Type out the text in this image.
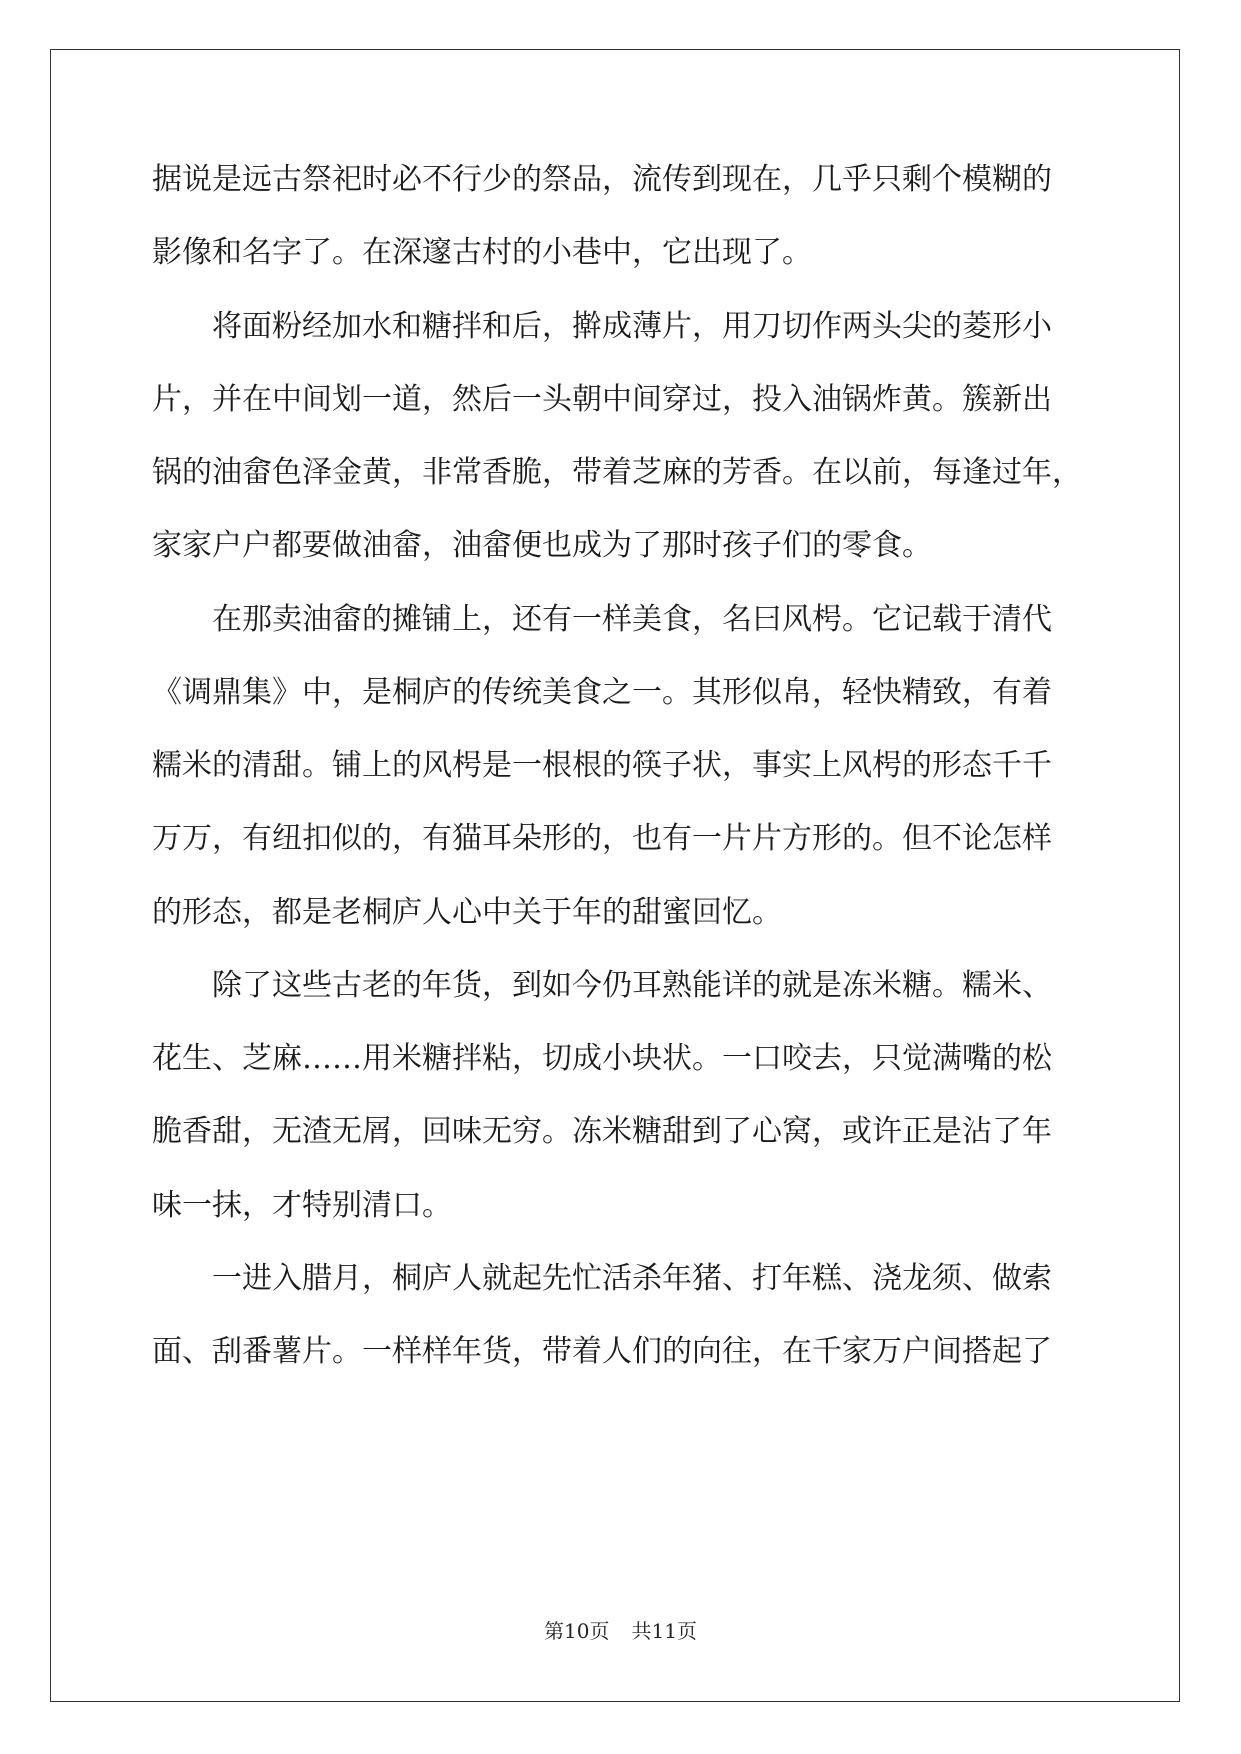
据说是远古祭祀时必不行少的祭品，流传到现在，几乎只剩个模糊的
影像和名字了。在深邃古村的小巷中，它出现了。
　　将面粉经加水和糖拌和后，擀成薄片，用刀切作两头尖的菱形小
片，并在中间划一道，然后一头朝中间穿过，投入油锅炸黄。簇新出
锅的油畲色泽金黄，非常香脆，带着芝麻的芳香。在以前，每逢过年，
家家户户都要做油畲，油畲便也成为了那时孩子们的零食。
　　在那卖油畲的摊铺上，还有一样美食，名曰风枵。它记载于清代
《调鼎集》中，是桐庐的传统美食之一。其形似帛，轻快精致，有着
糯米的清甜。铺上的风枵是一根根的筷子状，事实上风枵的形态千千
万万，有纽扣似的，有猫耳朵形的，也有一片片方形的。但不论怎样
的形态，都是老桐庐人心中关于年的甜蜜回忆。
　　除了这些古老的年货，到如今仍耳熟能详的就是冻米糖。糯米、
花生、芝麻……用米糖拌粘，切成小块状。一口咬去，只觉满嘴的松
脆香甜，无渣无屑，回味无穷。冻米糖甜到了心窝，或许正是沾了年
味一抹，才特别清口。
　　一进入腊月，桐庐人就起先忙活杀年猪、打年糕、浇龙须、做索
面、刮番薯片。一样样年货，带着人们的向往，在千家万户间搭起了
第10页 共11页
